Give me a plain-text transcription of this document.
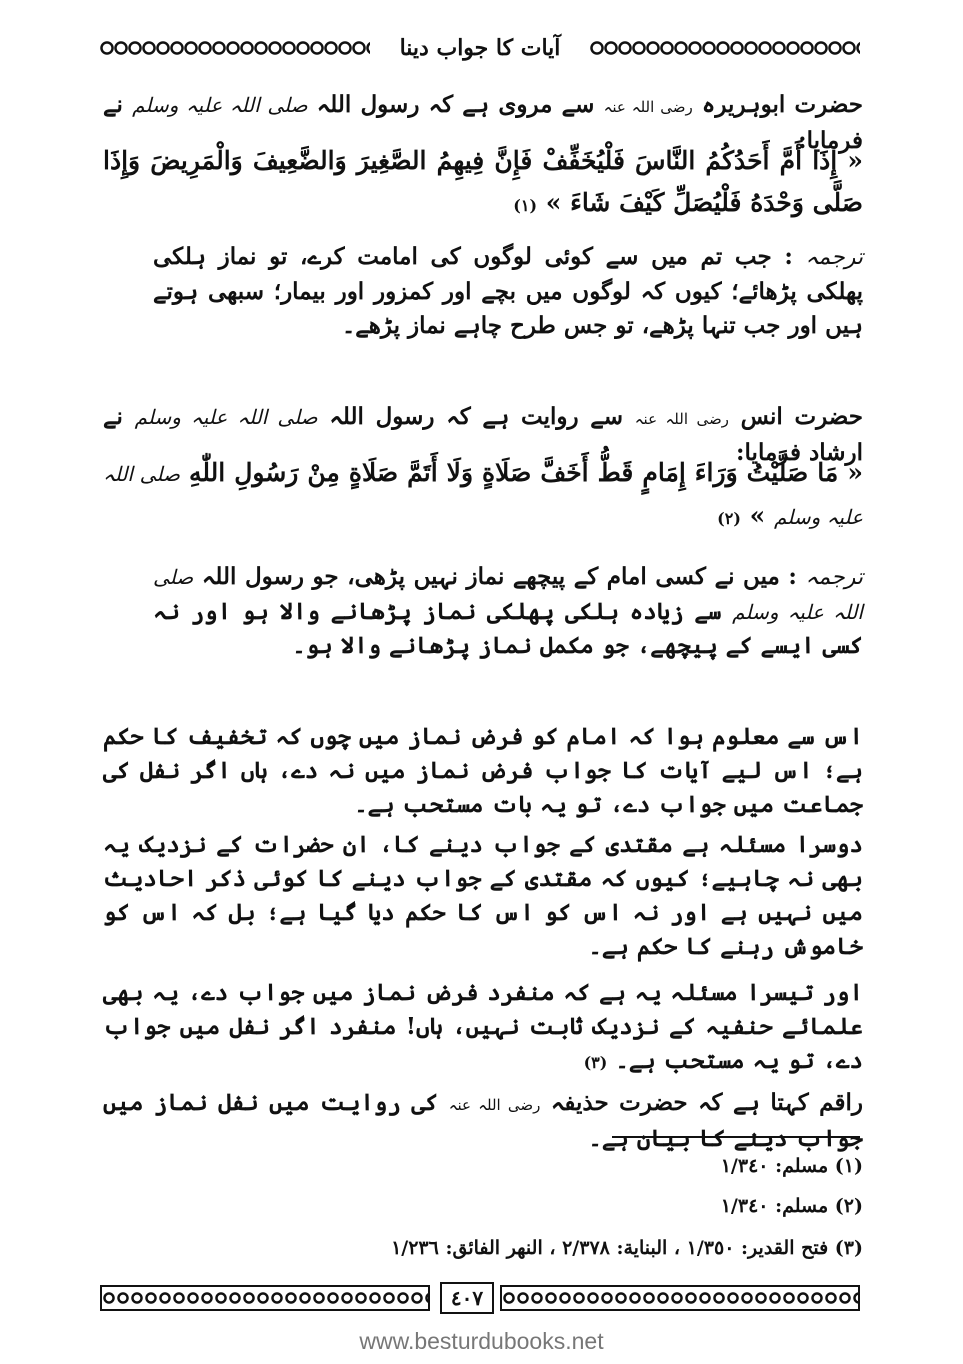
آیات کا جواب دینا
حضرت ابوہریرہ رضی اللہ عنہ سے مروی ہے کہ رسول اللہ صلی اللہ علیہ وسلم نے فرمایا:
« إِذَا أَمَّ أَحَدُكُمُ النَّاسَ فَلْيُخَفِّفْ فَإِنَّ فِيهِمُ الصَّغِيرَ وَالضَّعِيفَ وَالْمَرِيضَ وَإِذَا صَلَّى وَحْدَهُ فَلْيُصَلِّ كَيْفَ شَاءَ » (١)
ترجمہ : جب تم میں سے کوئی لوگوں کی امامت کرے، تو نماز ہلکی پھلکی پڑھائے؛ کیوں کہ لوگوں میں بچے اور کمزور اور بیمار؛ سبھی ہوتے ہیں اور جب تنہا پڑھے، تو جس طرح چاہے نماز پڑھے۔
حضرت انس رضی اللہ عنہ سے روایت ہے کہ رسول اللہ صلی اللہ علیہ وسلم نے ارشاد فرمایا:
« مَا صَلَّيْتُ وَرَاءَ إِمَامٍ قَطُّ أَخَفَّ صَلَاةٍ وَلَا أَتَمَّ صَلَاةٍ مِنْ رَسُولِ اللّٰهِ صلی اللہ علیہ وسلم » (٢)
ترجمہ : میں نے کسی امام کے پیچھے نماز نہیں پڑھی، جو رسول اللہ صلی اللہ علیہ وسلم سے زیادہ ہلکی پھلکی نماز پڑھانے والا ہو اور نہ کسی ایسے کے پیچھے، جو مکمل نماز پڑھانے والا ہو۔
اس سے معلوم ہوا کہ امام کو فرض نماز میں چوں کہ تخفیف کا حکم ہے؛ اس لیے آیات کا جواب فرض نماز میں نہ دے، ہاں اگر نفل کی جماعت میں جواب دے، تو یہ بات مستحب ہے۔
دوسرا مسئلہ ہے مقتدی کے جواب دینے کا، ان حضرات کے نزدیک یہ بھی نہ چاہیے؛ کیوں کہ مقتدی کے جواب دینے کا کوئی ذکر احادیث میں نہیں ہے اور نہ اس کو اس کا حکم دیا گیا ہے؛ بل کہ اس کو خاموش رہنے کا حکم ہے۔
اور تیسرا مسئلہ یہ ہے کہ منفرد فرض نماز میں جواب دے، یہ بھی علمائے حنفیہ کے نزدیک ثابت نہیں، ہاں! منفرد اگر نفل میں جواب دے، تو یہ مستحب ہے۔ (٣)
راقم کہتا ہے کہ حضرت حذیفہ رضی اللہ عنہ کی روایت میں نفل نماز میں جواب دینے کا بیان ہے۔
(١) مسلم: ١/٣٤٠
(٢) مسلم: ١/٣٤٠
(٣) فتح القدير: ١/٣٥٠ ، البناية: ٢/٣٧٨ ، النهر الفائق: ١/٢٣٦
٤٠٧
www.besturdubooks.net
